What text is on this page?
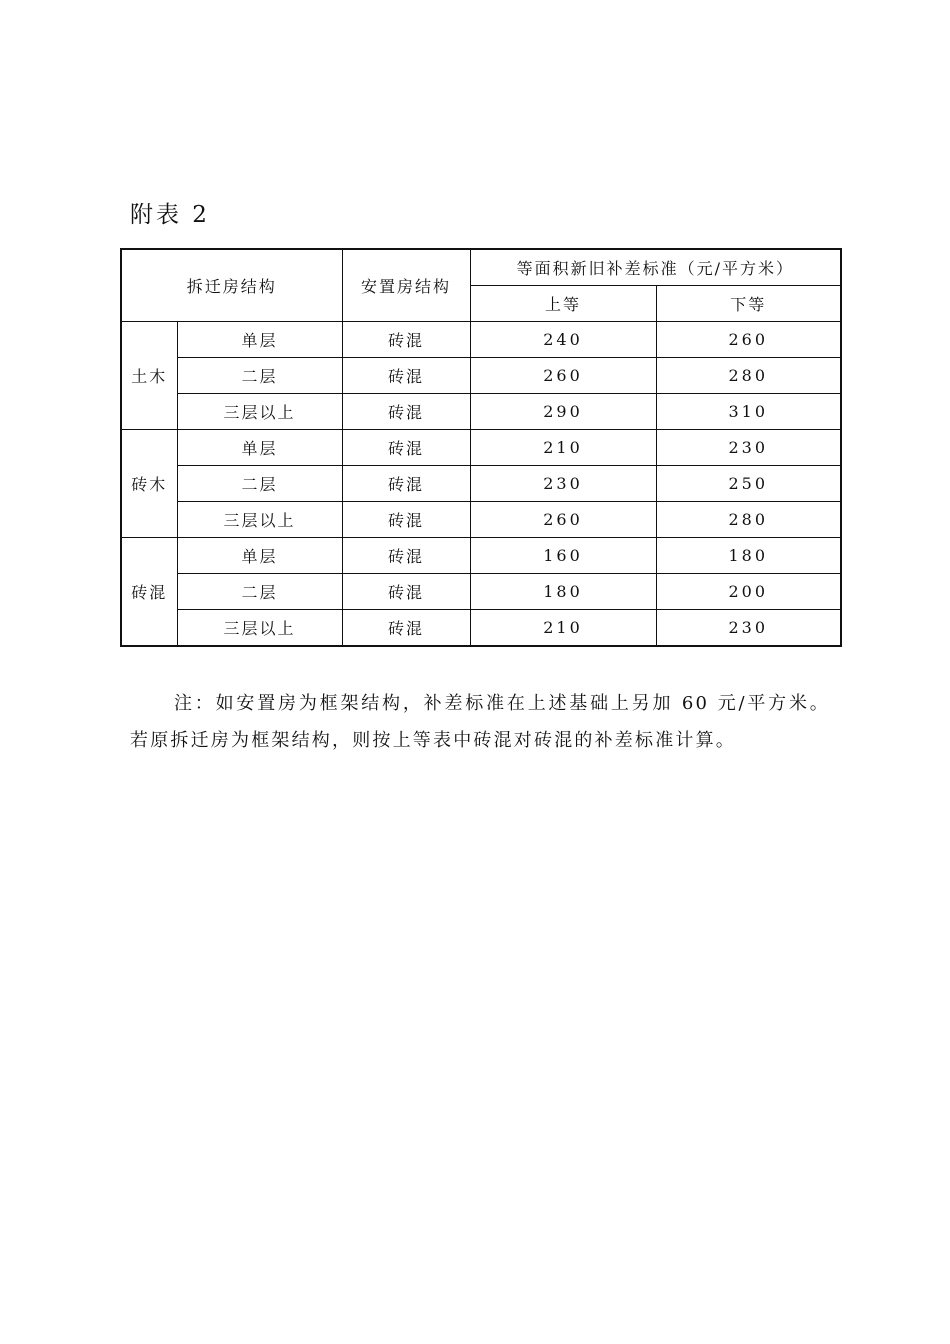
附表 2
拆迁房结构		安置房结构	等面积新旧补差标准（元/平方米）	
			上等	下等
土木	单层	砖混	240	260
	二层	砖混	260	280
	三层以上	砖混	290	310
砖木	单层	砖混	210	230
	二层	砖混	230	250
	三层以上	砖混	260	280
砖混	单层	砖混	160	180
	二层	砖混	180	200
	三层以上	砖混	210	230
注：如安置房为框架结构，补差标准在上述基础上另加 60 元/平方米。若原拆迁房为框架结构，则按上等表中砖混对砖混的补差标准计算。
